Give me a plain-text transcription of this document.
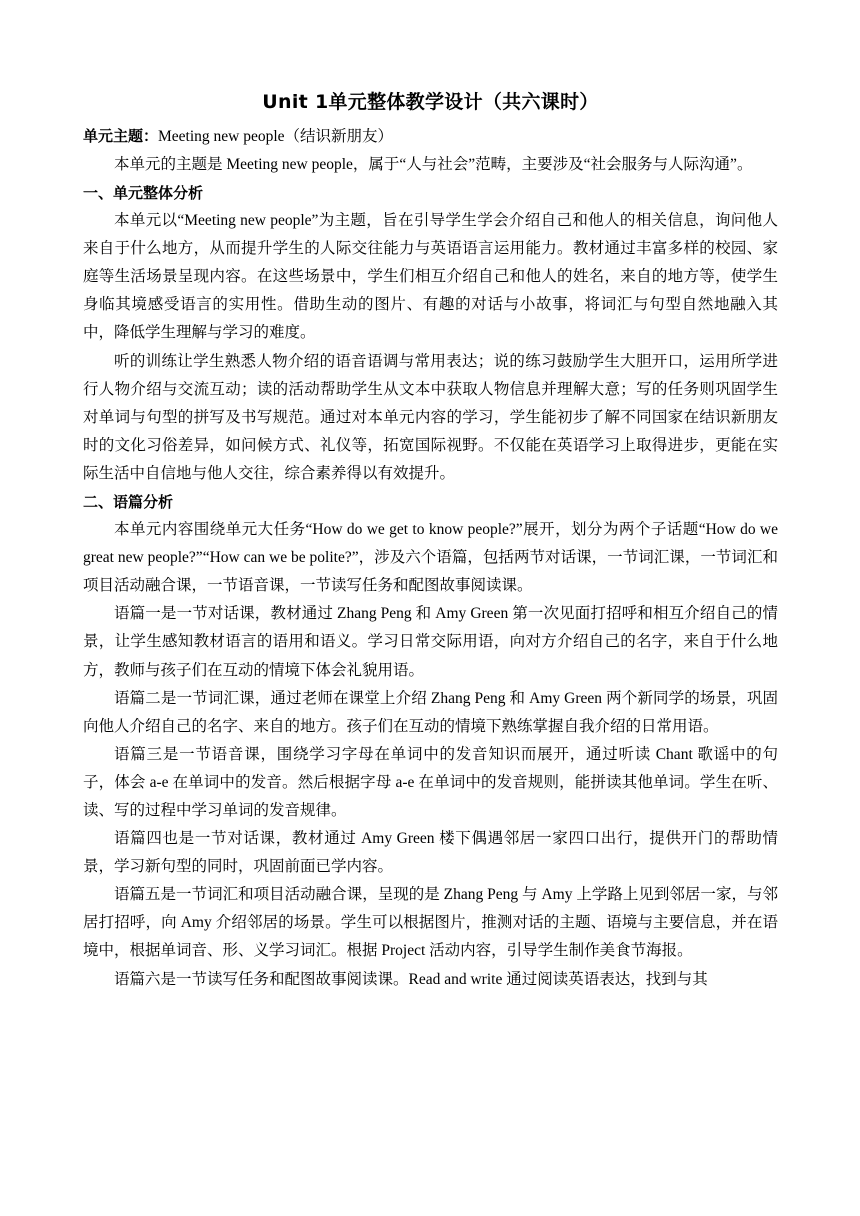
Unit 1单元整体教学设计（共六课时）

单元主题：Meeting new people（结识新朋友）

本单元的主题是 Meeting new people，属于“人与社会”范畴，主要涉及“社会服务与人际沟通”。

一、单元整体分析

本单元以“Meeting new people”为主题，旨在引导学生学会介绍自己和他人的相关信息，询问他人来自于什么地方，从而提升学生的人际交往能力与英语语言运用能力。教材通过丰富多样的校园、家庭等生活场景呈现内容。在这些场景中，学生们相互介绍自己和他人的姓名，来自的地方等，使学生身临其境感受语言的实用性。借助生动的图片、有趣的对话与小故事，将词汇与句型自然地融入其中，降低学生理解与学习的难度。

听的训练让学生熟悉人物介绍的语音语调与常用表达；说的练习鼓励学生大胆开口，运用所学进行人物介绍与交流互动；读的活动帮助学生从文本中获取人物信息并理解大意；写的任务则巩固学生对单词与句型的拼写及书写规范。通过对本单元内容的学习，学生能初步了解不同国家在结识新朋友时的文化习俗差异，如问候方式、礼仪等，拓宽国际视野。不仅能在英语学习上取得进步，更能在实际生活中自信地与他人交往，综合素养得以有效提升。

二、语篇分析

本单元内容围绕单元大任务“How do we get to know people?”展开，划分为两个子话题“How do we great new people?”“How can we be polite?”，涉及六个语篇，包括两节对话课，一节词汇课，一节词汇和项目活动融合课，一节语音课，一节读写任务和配图故事阅读课。

语篇一是一节对话课，教材通过 Zhang Peng 和 Amy Green 第一次见面打招呼和相互介绍自己的情景，让学生感知教材语言的语用和语义。学习日常交际用语，向对方介绍自己的名字，来自于什么地方，教师与孩子们在互动的情境下体会礼貌用语。

语篇二是一节词汇课，通过老师在课堂上介绍 Zhang Peng 和 Amy Green 两个新同学的场景，巩固向他人介绍自己的名字、来自的地方。孩子们在互动的情境下熟练掌握自我介绍的日常用语。

语篇三是一节语音课，围绕学习字母在单词中的发音知识而展开，通过听读 Chant 歌谣中的句子，体会 a-e 在单词中的发音。然后根据字母 a-e 在单词中的发音规则，能拼读其他单词。学生在听、读、写的过程中学习单词的发音规律。

语篇四也是一节对话课，教材通过 Amy Green 楼下偶遇邻居一家四口出行，提供开门的帮助情景，学习新句型的同时，巩固前面已学内容。

语篇五是一节词汇和项目活动融合课，呈现的是 Zhang Peng 与 Amy 上学路上见到邻居一家，与邻居打招呼，向 Amy 介绍邻居的场景。学生可以根据图片，推测对话的主题、语境与主要信息，并在语境中，根据单词音、形、义学习词汇。根据 Project 活动内容，引导学生制作美食节海报。

语篇六是一节读写任务和配图故事阅读课。Read and write 通过阅读英语表达，找到与其
